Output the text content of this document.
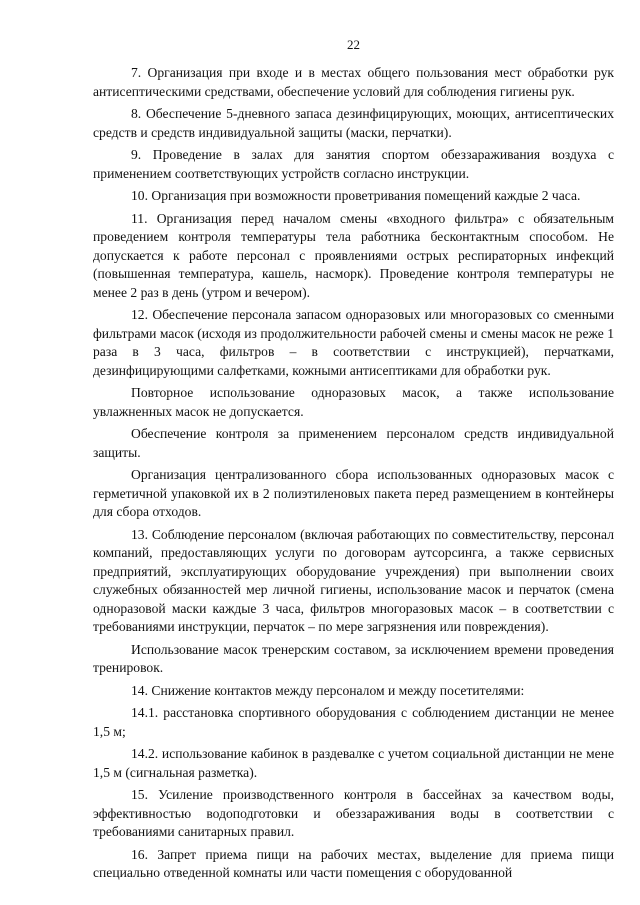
22

7. Организация при входе и в местах общего пользования мест обработки рук антисептическими средствами, обеспечение условий для соблюдения гигиены рук.

8. Обеспечение 5-дневного запаса дезинфицирующих, моющих, антисептических средств и средств индивидуальной защиты (маски, перчатки).

9. Проведение в залах для занятия спортом обеззараживания воздуха с применением соответствующих устройств согласно инструкции.

10. Организация при возможности проветривания помещений каждые 2 часа.

11. Организация перед началом смены «входного фильтра» с обязательным проведением контроля температуры тела работника бесконтактным способом. Не допускается к работе персонал с проявлениями острых респираторных инфекций (повышенная температура, кашель, насморк). Проведение контроля температуры не менее 2 раз в день (утром и вечером).

12. Обеспечение персонала запасом одноразовых или многоразовых со сменными фильтрами масок (исходя из продолжительности рабочей смены и смены масок не реже 1 раза в 3 часа, фильтров – в соответствии с инструкцией), перчатками, дезинфицирующими салфетками, кожными антисептиками для обработки рук.

Повторное использование одноразовых масок, а также использование увлажненных масок не допускается.

Обеспечение контроля за применением персоналом средств индивидуальной защиты.

Организация централизованного сбора использованных одноразовых масок с герметичной упаковкой их в 2 полиэтиленовых пакета перед размещением в контейнеры для сбора отходов.

13. Соблюдение персоналом (включая работающих по совместительству, персонал компаний, предоставляющих услуги по договорам аутсорсинга, а также сервисных предприятий, эксплуатирующих оборудование учреждения) при выполнении своих служебных обязанностей мер личной гигиены, использование масок и перчаток (смена одноразовой маски каждые 3 часа, фильтров многоразовых масок – в соответствии с требованиями инструкции, перчаток – по мере загрязнения или повреждения).

Использование масок тренерским составом, за исключением времени проведения тренировок.

14. Снижение контактов между персоналом и между посетителями:

14.1. расстановка спортивного оборудования с соблюдением дистанции не менее 1,5 м;

14.2. использование кабинок в раздевалке с учетом социальной дистанции не мене 1,5 м (сигнальная разметка).

15. Усиление производственного контроля в бассейнах за качеством воды, эффективностью водоподготовки и обеззараживания воды в соответствии с требованиями санитарных правил.

16. Запрет приема пищи на рабочих местах, выделение для приема пищи специально отведенной комнаты или части помещения с оборудованной
